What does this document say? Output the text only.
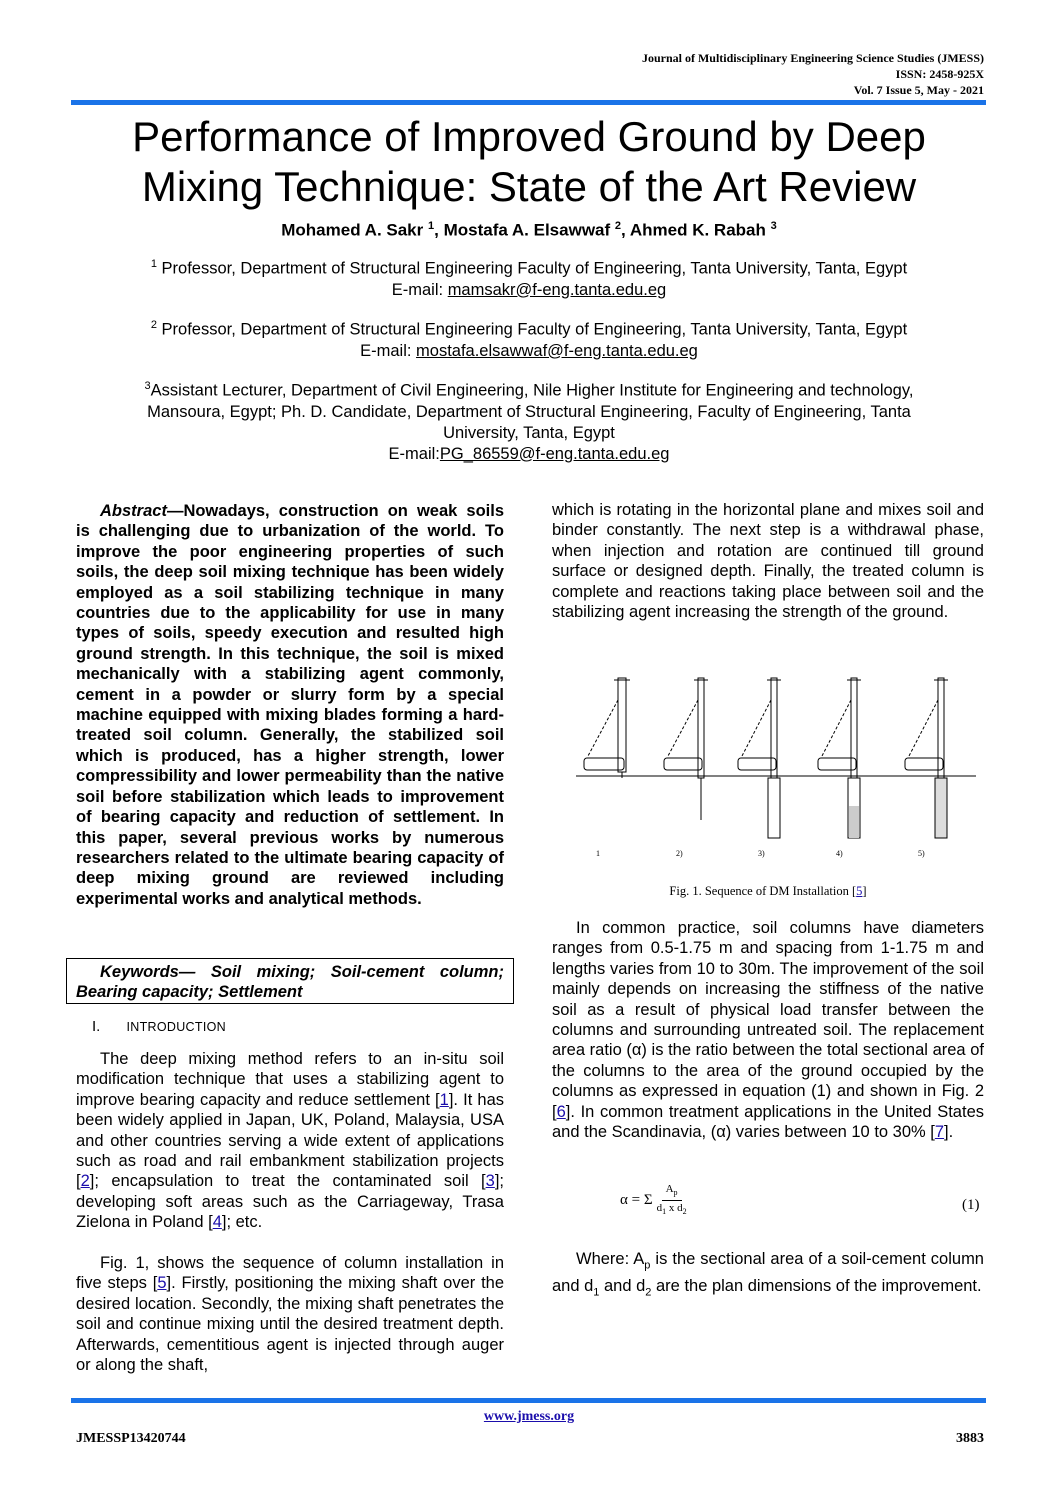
Journal of Multidisciplinary Engineering Science Studies (JMESS)
ISSN: 2458-925X
Vol. 7 Issue 5, May - 2021
Performance of Improved Ground by Deep
Mixing Technique: State of the Art Review
Mohamed A. Sakr $^1$, Mostafa A. Elsawwaf $^2$, Ahmed K. Rabah $^3$
$^1$ Professor, Department of Structural Engineering Faculty of Engineering, Tanta University, Tanta, Egypt
E-mail: mamsakr@f-eng.tanta.edu.eg
$^2$ Professor, Department of Structural Engineering Faculty of Engineering, Tanta University, Tanta, Egypt
E-mail: mostafa.elsawwaf@f-eng.tanta.edu.eg
$^3$Assistant Lecturer, Department of Civil Engineering, Nile Higher Institute for Engineering and technology,
Mansoura, Egypt; Ph. D. Candidate, Department of Structural Engineering, Faculty of Engineering, Tanta
University, Tanta, Egypt
E-mail:PG_86559@f-eng.tanta.edu.eg
Abstract—Nowadays, construction on weak soils is challenging due to urbanization of the world. To improve the poor engineering properties of such soils, the deep soil mixing technique has been widely employed as a soil stabilizing technique in many countries due to the applicability for use in many types of soils, speedy execution and resulted high ground strength. In this technique, the soil is mixed mechanically with a stabilizing agent commonly, cement in a powder or slurry form by a special machine equipped with mixing blades forming a hard-treated soil column. Generally, the stabilized soil which is produced, has a higher strength, lower compressibility and lower permeability than the native soil before stabilization which leads to improvement of bearing capacity and reduction of settlement. In this paper, several previous works by numerous researchers related to the ultimate bearing capacity of deep mixing ground are reviewed including experimental works and analytical methods.
Keywords— Soil mixing; Soil-cement column; Bearing capacity; Settlement
I. INTRODUCTION
The deep mixing method refers to an in-situ soil modification technique that uses a stabilizing agent to improve bearing capacity and reduce settlement [1]. It has been widely applied in Japan, UK, Poland, Malaysia, USA and other countries serving a wide extent of applications such as road and rail embankment stabilization projects [2]; encapsulation to treat the contaminated soil [3]; developing soft areas such as the Carriageway, Trasa Zielona in Poland [4]; etc.
Fig. 1, shows the sequence of column installation in five steps [5]. Firstly, positioning the mixing shaft over the desired location. Secondly, the mixing shaft penetrates the soil and continue mixing until the desired treatment depth. Afterwards, cementitious agent is injected through auger or along the shaft,
which is rotating in the horizontal plane and mixes soil and binder constantly. The next step is a withdrawal phase, when injection and rotation are continued till ground surface or designed depth. Finally, the treated column is complete and reactions taking place between soil and the stabilizing agent increasing the strength of the ground.
1	2)	3)	4)	5)
Fig. 1. Sequence of DM Installation [5]
In common practice, soil columns have diameters ranges from 0.5-1.75 m and spacing from 1-1.75 m and lengths varies from 10 to 30m. The improvement of the soil mainly depends on increasing the stiffness of the native soil as a result of physical load transfer between the columns and surrounding untreated soil. The replacement area ratio (α) is the ratio between the total sectional area of the columns to the area of the ground occupied by the columns as expressed in equation (1) and shown in Fig. 2 [6]. In common treatment applications in the United States and the Scandinavia, (α) varies between 10 to 30% [7].
α = Σ
$A_p$
$d_1$ x $d_2$	(1)
Where: $A_p$ is the sectional area of a soil-cement column and $d_1$ and $d_2$ are the plan dimensions of the improvement.
www.jmess.org
JMESSP13420744	3883
